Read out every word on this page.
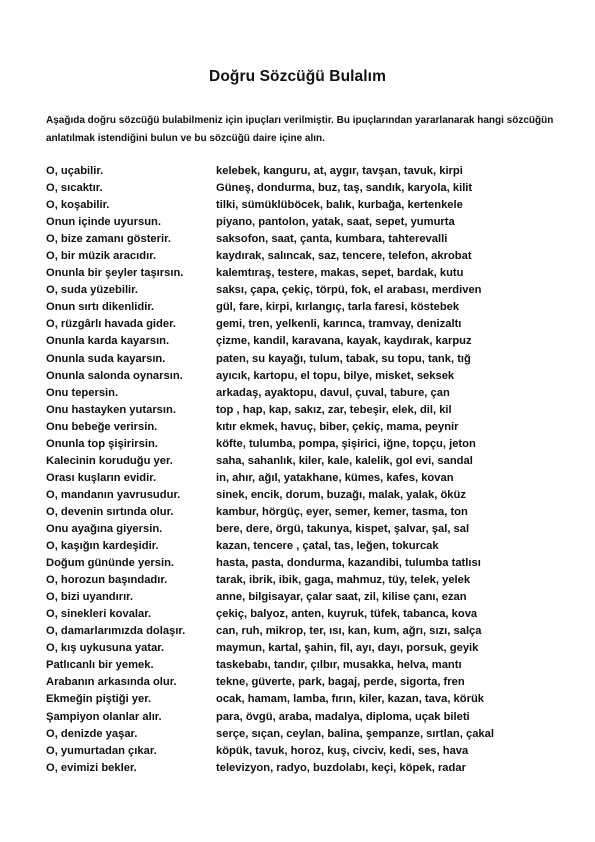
Doğru Sözcüğü Bulalım
Aşağıda doğru sözcüğü bulabilmeniz için ipuçları verilmiştir. Bu ipuçlarından yararlanarak hangi sözcüğün anlatılmak istendiğini bulun ve bu sözcüğü daire içine alın.
O, uçabilir.	kelebek, kanguru, at, aygır, tavşan, tavuk, kirpi
O, sıcaktır.	Güneş, dondurma, buz, taş, sandık, karyola, kilit
O, koşabilir.	tilki, sümüklüböcek, balık, kurbağa, kertenkele
Onun içinde uyursun.	piyano, pantolon, yatak, saat, sepet, yumurta
O, bize zamanı gösterir.	saksofon, saat, çanta, kumbara, tahterevalli
O, bir müzik aracıdır.	kaydırak, salıncak, saz, tencere, telefon, akrobat
Onunla bir şeyler taşırsın.	kalemtıraş, testere, makas, sepet, bardak, kutu
O, suda yüzebilir.	saksı, çapa, çekiç, törpü, fok, el arabası, merdiven
Onun sırtı dikenlidir.	gül, fare, kirpi, kırlangıç, tarla faresi, köstebek
O, rüzgârlı havada gider.	gemi, tren, yelkenli, karınca, tramvay, denizaltı
Onunla karda kayarsın.	çizme, kandil, karavana, kayak, kaydırak, karpuz
Onunla suda kayarsın.	paten, su kayağı, tulum, tabak, su topu, tank, tığ
Onunla salonda oynarsın.	ayıcık, kartopu, el topu, bilye, misket, seksek
Onu tepersin.	arkadaş, ayaktopu, davul, çuval, tabure, çan
Onu hastayken yutarsın.	top , hap, kap, sakız, zar, tebeşir, elek, dil, kil
Onu bebeğe verirsin.	kıtır ekmek, havuç, biber, çekiç, mama, peynir
Onunla top şişirirsin.	köfte, tulumba, pompa, şişirici, iğne, topçu, jeton
Kalecinin koruduğu yer.	saha, sahanlık, kiler, kale, kalelik, gol evi, sandal
Orası kuşların evidir.	in, ahır, ağıl, yatakhane, kümes, kafes, kovan
O, mandanın yavrusudur.	sinek, encik, dorum, buzağı, malak, yalak, öküz
O, devenin sırtında olur.	kambur, hörgüç, eyer, semer, kemer, tasma, ton
Onu ayağına giyersin.	bere, dere, örgü, takunya, kispet, şalvar, şal, sal
O, kaşığın kardeşidir.	kazan, tencere , çatal, tas, leğen, tokurcak
Doğum gününde yersin.	hasta, pasta, dondurma, kazandibi, tulumba tatlısı
O, horozun başındadır.	tarak, ibrik, ibik, gaga, mahmuz, tüy, telek, yelek
O, bizi uyandırır.	anne, bilgisayar, çalar saat, zil, kilise çanı, ezan
O, sinekleri kovalar.	çekiç, balyoz, anten, kuyruk, tüfek, tabanca, kova
O, damarlarımızda dolaşır.	can, ruh, mikrop, ter, ısı, kan, kum, ağrı, sızı, salça
O, kış uykusuna yatar.	maymun, kartal, şahin, fil, ayı, dayı, porsuk, geyik
Patlıcanlı bir yemek.	taskebabı, tandır, çılbır, musakka, helva, mantı
Arabanın arkasında olur.	tekne, güverte, park, bagaj, perde, sigorta, fren
Ekmeğin piştiği yer.	ocak, hamam, lamba, fırın, kiler, kazan, tava, körük
Şampiyon olanlar alır.	para, övgü, araba, madalya, diploma, uçak bileti
O, denizde yaşar.	serçe, sıçan, ceylan, balina, şempanze, sırtlan, çakal
O, yumurtadan çıkar.	köpük, tavuk, horoz, kuş, civciv, kedi, ses, hava
O, evimizi bekler.	televizyon, radyo, buzdolabı, keçi, köpek, radar
